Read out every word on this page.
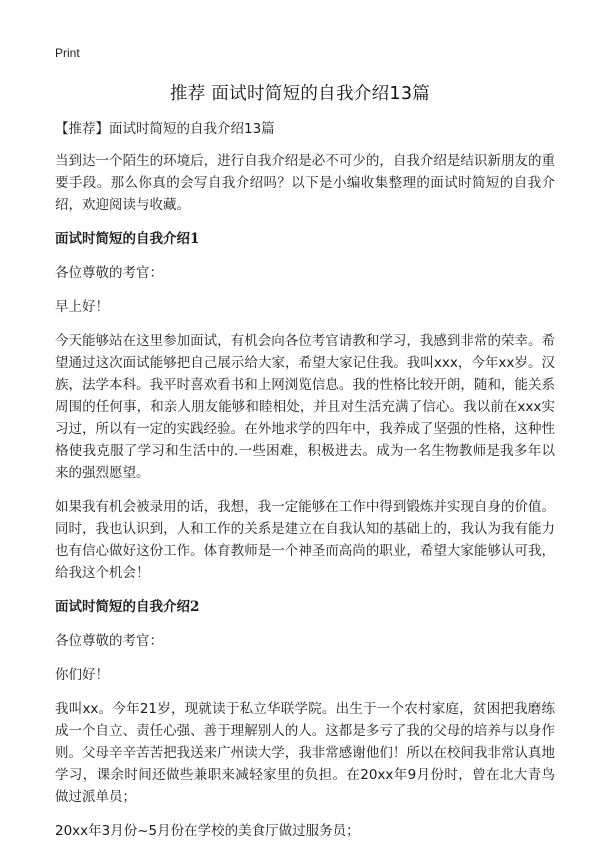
Print
推荐 面试时简短的自我介绍13篇

【推荐】面试时简短的自我介绍13篇

当到达一个陌生的环境后，进行自我介绍是必不可少的，自我介绍是结识新朋友的重要手段。那么你真的会写自我介绍吗？以下是小编收集整理的面试时简短的自我介绍，欢迎阅读与收藏。

面试时简短的自我介绍1

各位尊敬的考官：

早上好！

今天能够站在这里参加面试，有机会向各位考官请教和学习，我感到非常的荣幸。希望通过这次面试能够把自己展示给大家，希望大家记住我。我叫xxx，今年xx岁。汉族，法学本科。我平时喜欢看书和上网浏览信息。我的性格比较开朗，随和，能关系周围的任何事，和亲人朋友能够和睦相处，并且对生活充满了信心。我以前在xxx实习过，所以有一定的实践经验。在外地求学的四年中，我养成了坚强的性格，这种性格使我克服了学习和生活中的.一些困难，积极进去。成为一名生物教师是我多年以来的强烈愿望。

如果我有机会被录用的话，我想，我一定能够在工作中得到锻炼并实现自身的价值。同时，我也认识到，人和工作的关系是建立在自我认知的基础上的，我认为我有能力也有信心做好这份工作。体育教师是一个神圣而高尚的职业，希望大家能够认可我，给我这个机会！

面试时简短的自我介绍2

各位尊敬的考官：

你们好！

我叫xx。今年21岁，现就读于私立华联学院。出生于一个农村家庭，贫困把我磨练成一个自立、责任心强、善于理解别人的人。这都是多亏了我的父母的培养与以身作则。父母辛辛苦苦把我送来广州读大学，我非常感谢他们！所以在校间我非常认真地学习，课余时间还做些兼职来减轻家里的负担。在20xx年9月份时，曾在北大青鸟做过派单员；

20xx年3月份~5月份在学校的美食厅做过服务员；
